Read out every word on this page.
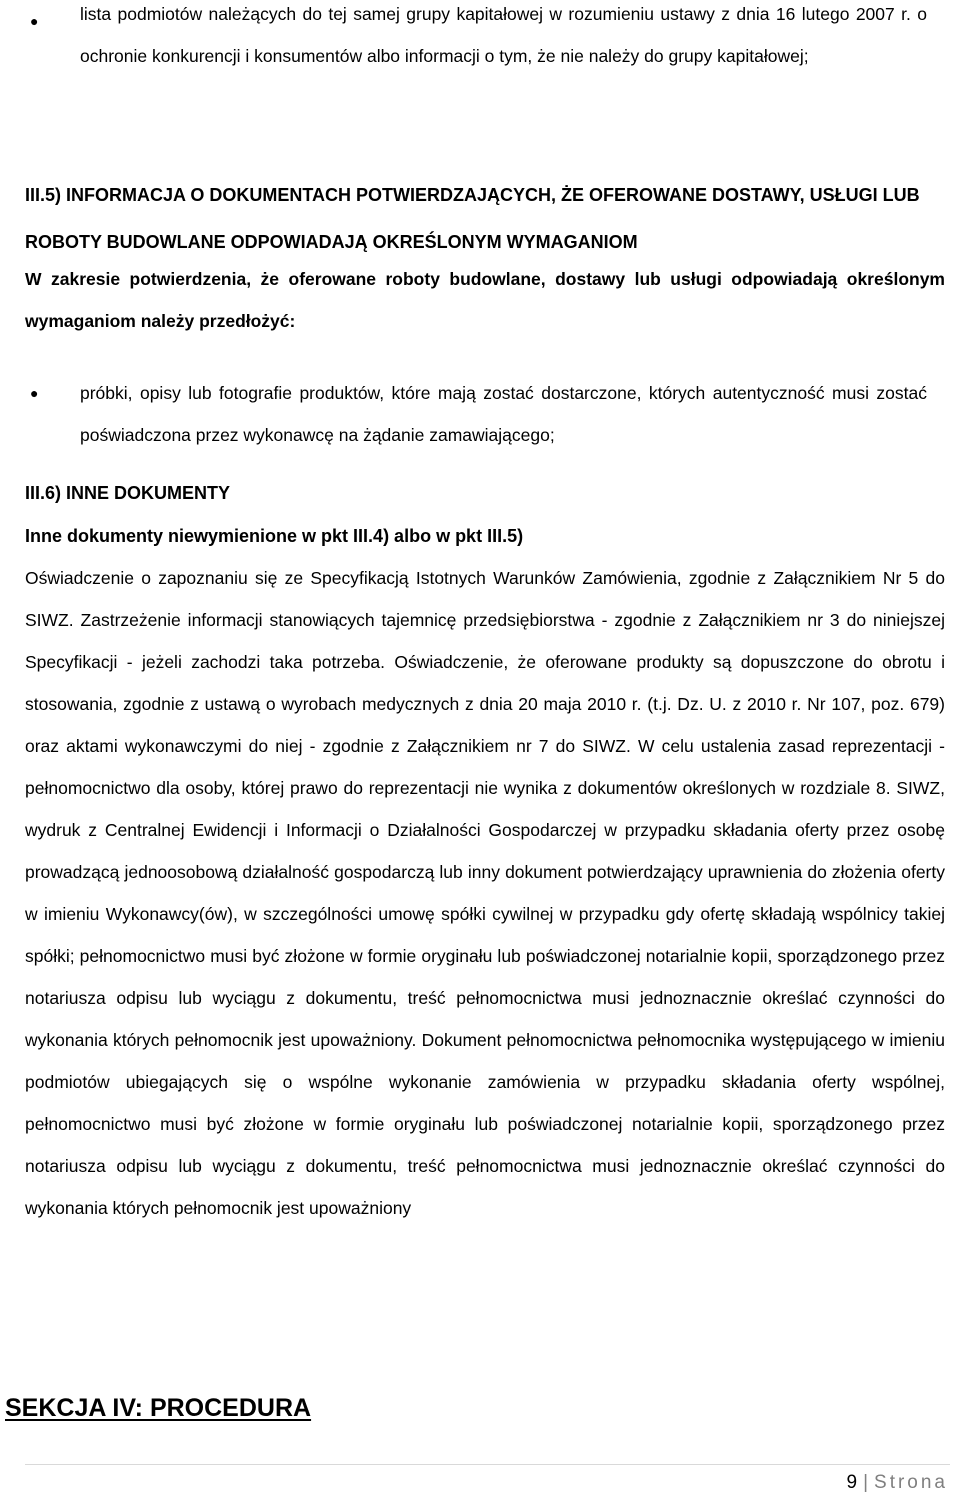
● lista podmiotów należących do tej samej grupy kapitałowej w rozumieniu ustawy z dnia 16 lutego 2007 r. o ochronie konkurencji i konsumentów albo informacji o tym, że nie należy do grupy kapitałowej;

III.5) INFORMACJA O DOKUMENTACH POTWIERDZAJĄCYCH, ŻE OFEROWANE DOSTAWY, USŁUGI LUB ROBOTY BUDOWLANE ODPOWIADAJĄ OKREŚLONYM WYMAGANIOM

W zakresie potwierdzenia, że oferowane roboty budowlane, dostawy lub usługi odpowiadają określonym wymaganiom należy przedłożyć:

● próbki, opisy lub fotografie produktów, które mają zostać dostarczone, których autentyczność musi zostać poświadczona przez wykonawcę na żądanie zamawiającego;

III.6) INNE DOKUMENTY

Inne dokumenty niewymienione w pkt III.4) albo w pkt III.5)

Oświadczenie o zapoznaniu się ze Specyfikacją Istotnych Warunków Zamówienia, zgodnie z Załącznikiem Nr 5 do SIWZ. Zastrzeżenie informacji stanowiących tajemnicę przedsiębiorstwa - zgodnie z Załącznikiem nr 3 do niniejszej Specyfikacji - jeżeli zachodzi taka potrzeba. Oświadczenie, że oferowane produkty są dopuszczone do obrotu i stosowania, zgodnie z ustawą o wyrobach medycznych z dnia 20 maja 2010 r. (t.j. Dz. U. z 2010 r. Nr 107, poz. 679) oraz aktami wykonawczymi do niej - zgodnie z Załącznikiem nr 7 do SIWZ. W celu ustalenia zasad reprezentacji - pełnomocnictwo dla osoby, której prawo do reprezentacji nie wynika z dokumentów określonych w rozdziale 8. SIWZ, wydruk z Centralnej Ewidencji i Informacji o Działalności Gospodarczej w przypadku składania oferty przez osobę prowadzącą jednoosobową działalność gospodarczą lub inny dokument potwierdzający uprawnienia do złożenia oferty w imieniu Wykonawcy(ów), w szczególności umowę spółki cywilnej w przypadku gdy ofertę składają wspólnicy takiej spółki; pełnomocnictwo musi być złożone w formie oryginału lub poświadczonej notarialnie kopii, sporządzonego przez notariusza odpisu lub wyciągu z dokumentu, treść pełnomocnictwa musi jednoznacznie określać czynności do wykonania których pełnomocnik jest upoważniony. Dokument pełnomocnictwa pełnomocnika występującego w imieniu podmiotów ubiegających się o wspólne wykonanie zamówienia w przypadku składania oferty wspólnej, pełnomocnictwo musi być złożone w formie oryginału lub poświadczonej notarialnie kopii, sporządzonego przez notariusza odpisu lub wyciągu z dokumentu, treść pełnomocnictwa musi jednoznacznie określać czynności do wykonania których pełnomocnik jest upoważniony

SEKCJA IV: PROCEDURA
9 | Strona
